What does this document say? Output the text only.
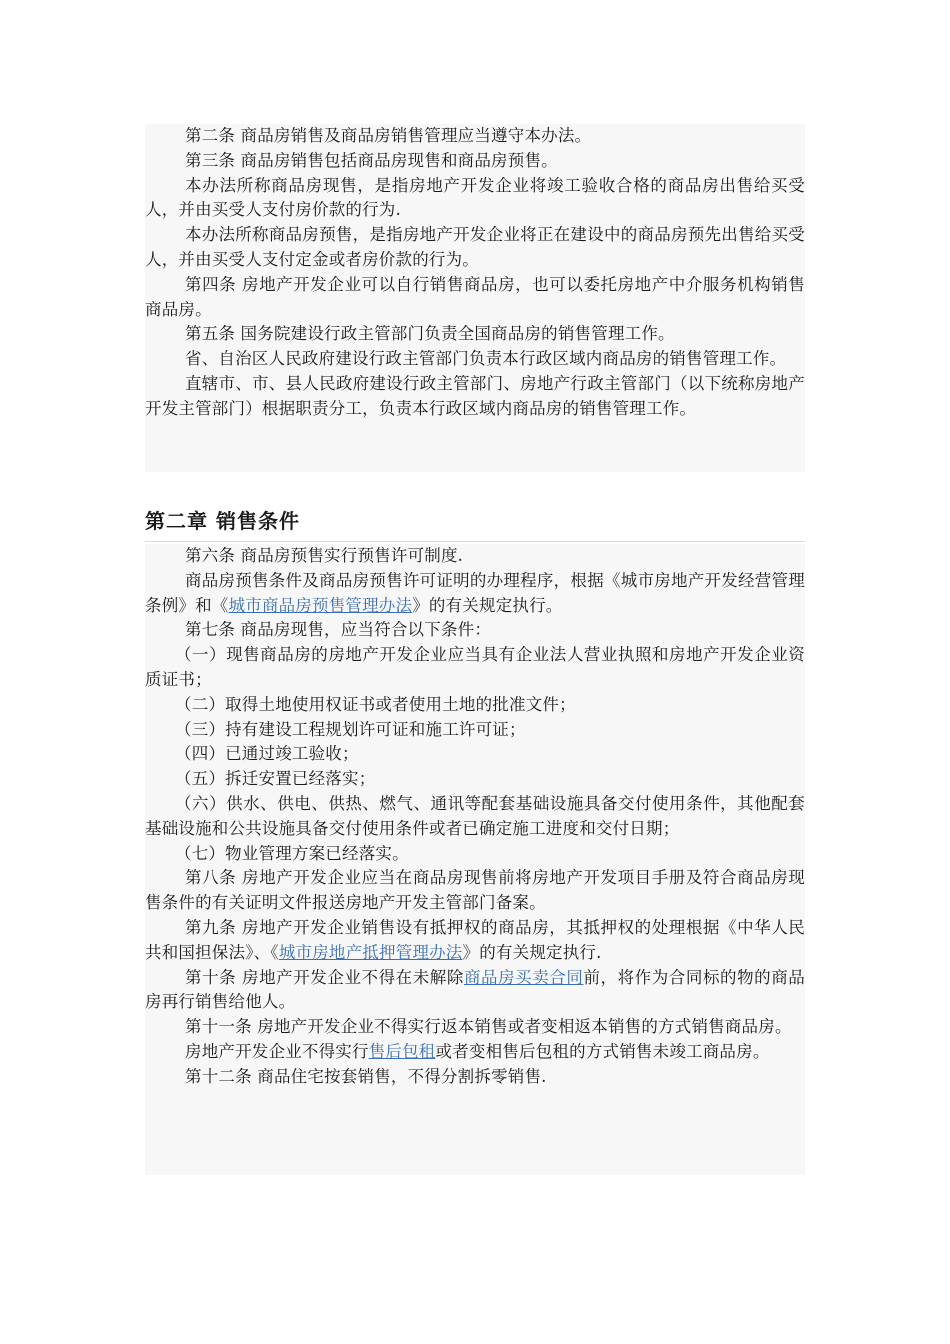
第二条 商品房销售及商品房销售管理应当遵守本办法。

第三条 商品房销售包括商品房现售和商品房预售。

本办法所称商品房现售，是指房地产开发企业将竣工验收合格的商品房出售给买受人，并由买受人支付房价款的行为.

本办法所称商品房预售，是指房地产开发企业将正在建设中的商品房预先出售给买受人，并由买受人支付定金或者房价款的行为。

第四条 房地产开发企业可以自行销售商品房，也可以委托房地产中介服务机构销售商品房。

第五条 国务院建设行政主管部门负责全国商品房的销售管理工作。

省、自治区人民政府建设行政主管部门负责本行政区域内商品房的销售管理工作。

直辖市、市、县人民政府建设行政主管部门、房地产行政主管部门（以下统称房地产开发主管部门）根据职责分工，负责本行政区域内商品房的销售管理工作。

第二章 销售条件

第六条 商品房预售实行预售许可制度.

商品房预售条件及商品房预售许可证明的办理程序，根据《城市房地产开发经营管理条例》和《城市商品房预售管理办法》的有关规定执行。

第七条 商品房现售，应当符合以下条件：

（一）现售商品房的房地产开发企业应当具有企业法人营业执照和房地产开发企业资质证书；

（二）取得土地使用权证书或者使用土地的批准文件；

（三）持有建设工程规划许可证和施工许可证；

（四）已通过竣工验收；

（五）拆迁安置已经落实；

（六）供水、供电、供热、燃气、通讯等配套基础设施具备交付使用条件，其他配套基础设施和公共设施具备交付使用条件或者已确定施工进度和交付日期；

（七）物业管理方案已经落实。

第八条 房地产开发企业应当在商品房现售前将房地产开发项目手册及符合商品房现售条件的有关证明文件报送房地产开发主管部门备案。

第九条 房地产开发企业销售设有抵押权的商品房，其抵押权的处理根据《中华人民共和国担保法》、《城市房地产抵押管理办法》的有关规定执行.

第十条 房地产开发企业不得在未解除商品房买卖合同前，将作为合同标的物的商品房再行销售给他人。

第十一条 房地产开发企业不得实行返本销售或者变相返本销售的方式销售商品房。

房地产开发企业不得实行售后包租或者变相售后包租的方式销售未竣工商品房。

第十二条 商品住宅按套销售，不得分割拆零销售.
